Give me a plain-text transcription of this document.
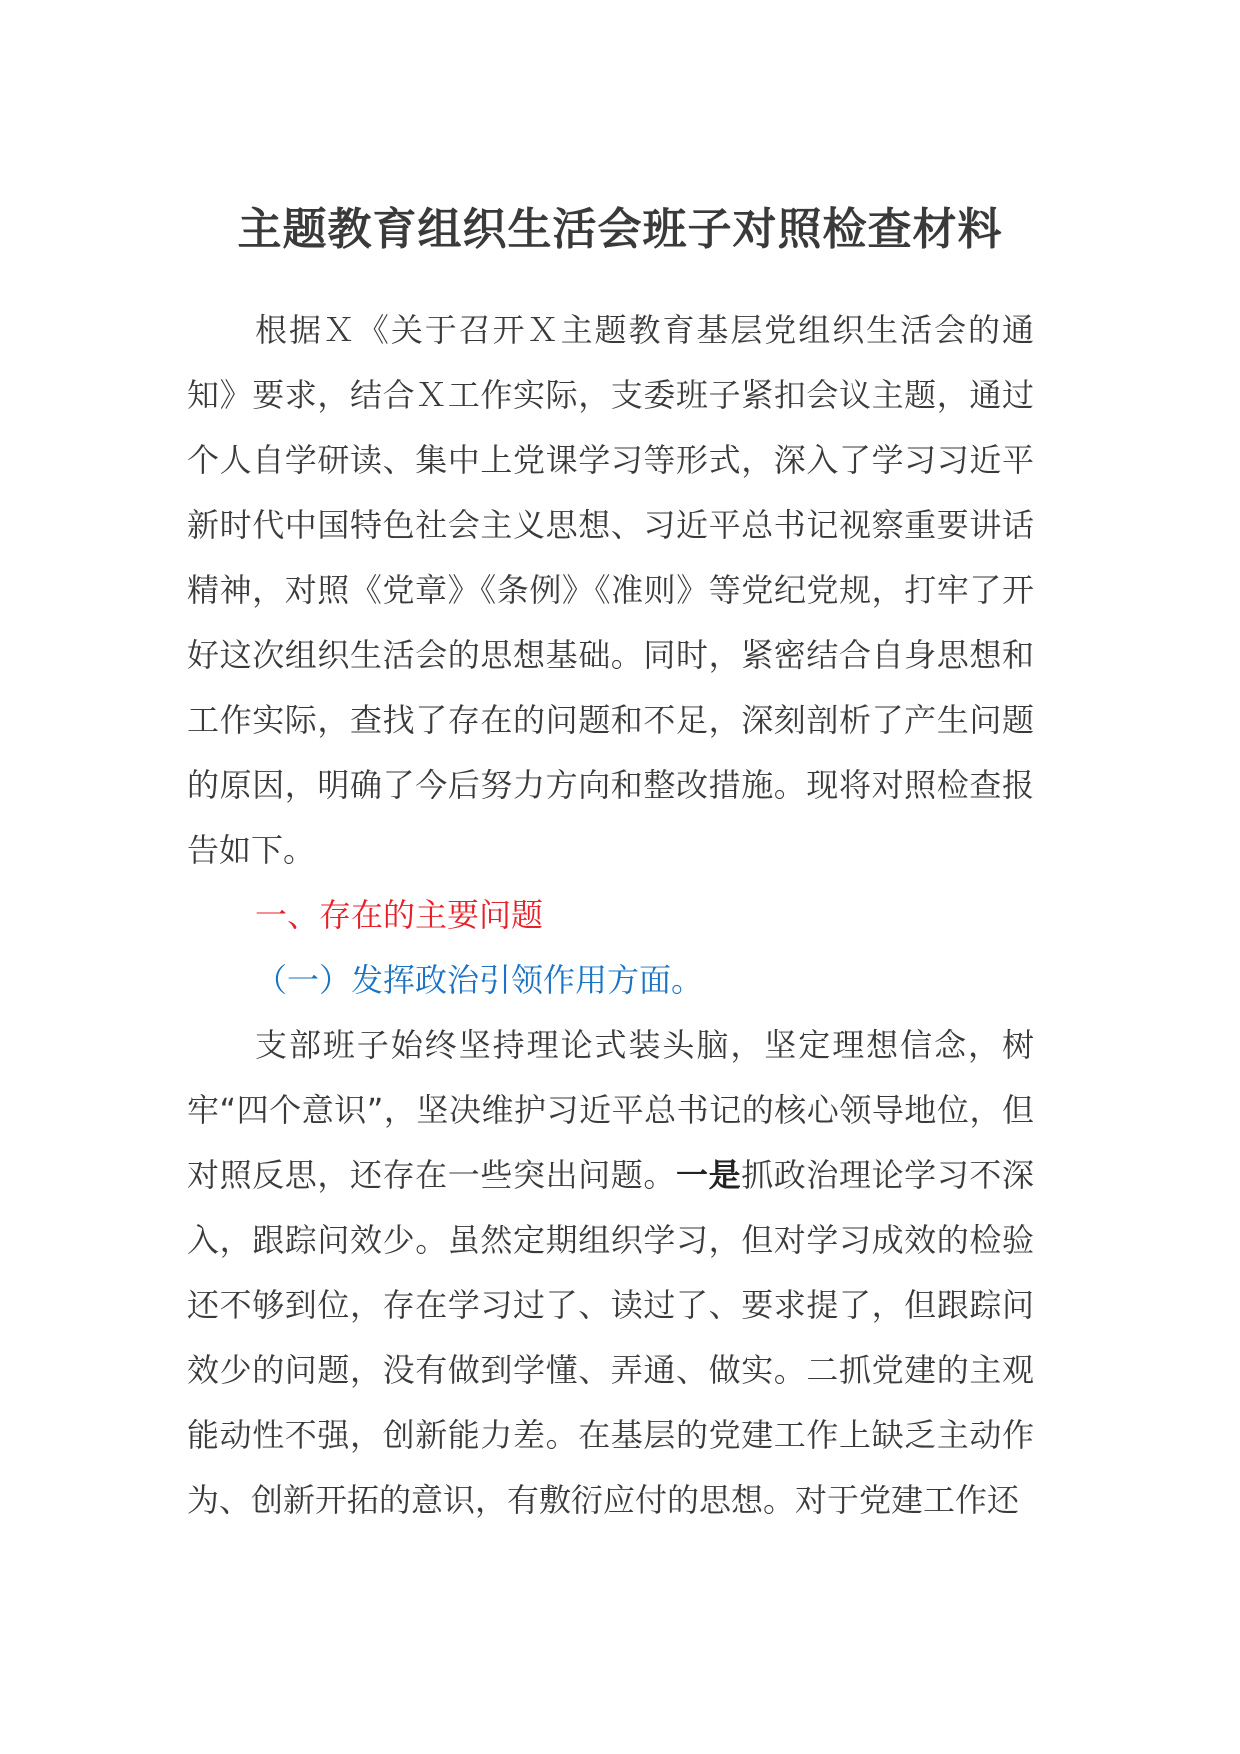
主题教育组织生活会班子对照检查材料

根据Ｘ《关于召开Ｘ主题教育基层党组织生活会的通知》要求，结合Ｘ工作实际，支委班子紧扣会议主题，通过个人自学研读、集中上党课学习等形式，深入了学习习近平新时代中国特色社会主义思想、习近平总书记视察重要讲话精神，对照《党章》《条例》《准则》等党纪党规，打牢了开好这次组织生活会的思想基础。同时，紧密结合自身思想和工作实际，查找了存在的问题和不足，深刻剖析了产生问题的原因，明确了今后努力方向和整改措施。现将对照检查报告如下。

一、存在的主要问题

（一）发挥政治引领作用方面。

支部班子始终坚持理论式装头脑，坚定理想信念，树牢“四个意识”，坚决维护习近平总书记的核心领导地位，但对照反思，还存在一些突出问题。一是抓政治理论学习不深入，跟踪问效少。虽然定期组织学习，但对学习成效的检验还不够到位，存在学习过了、读过了、要求提了，但跟踪问效少的问题，没有做到学懂、弄通、做实。二抓党建的主观能动性不强，创新能力差。在基层的党建工作上缺乏主动作为、创新开拓的意识，有敷衍应付的思想。对于党建工作还
